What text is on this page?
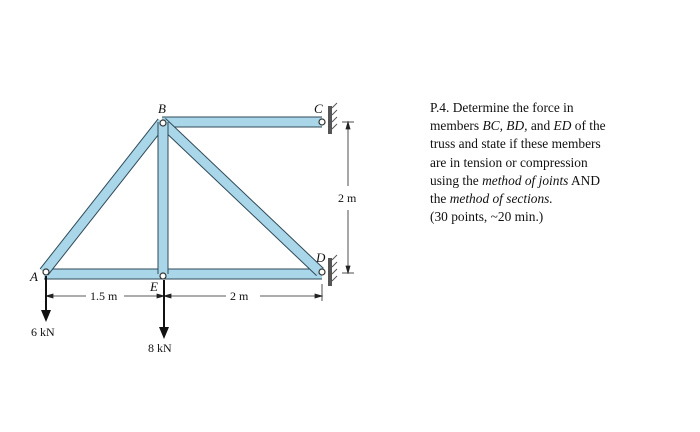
A
B	C
D
E
1.5 m	2 m
2 m
6 kN
8 kN
P.4. Determine the force in
members BC, BD, and ED of the
truss and state if these members
are in tension or compression
using the method of joints AND
the method of sections.
(30 points, ~20 min.)
